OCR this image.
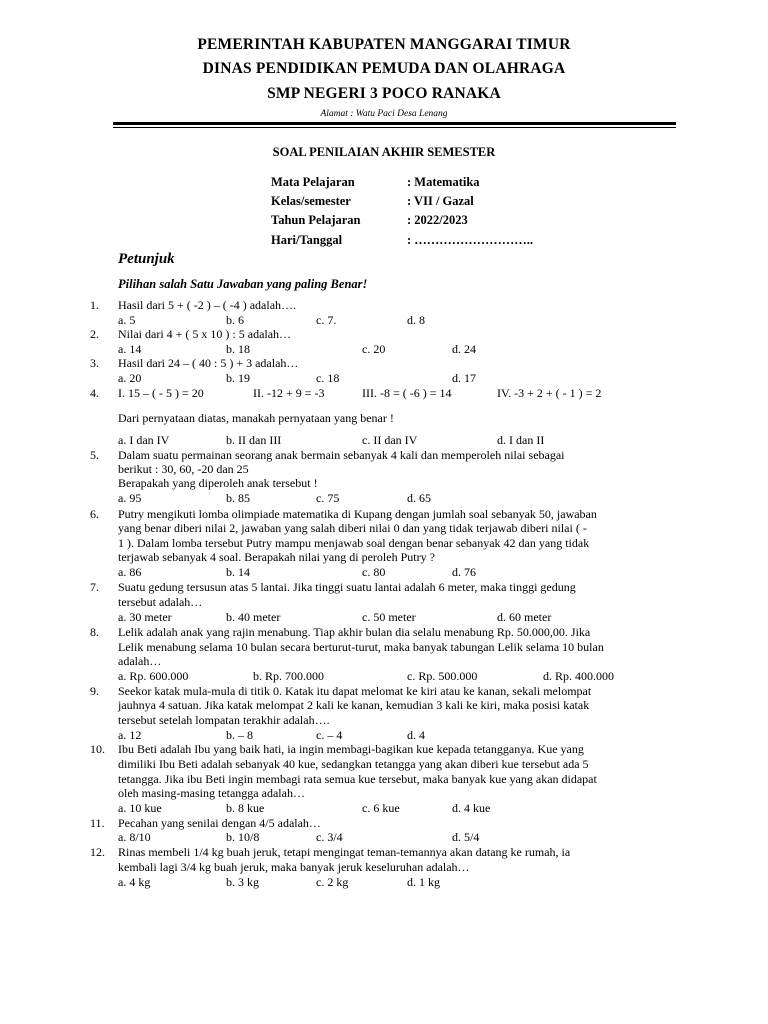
PEMERINTAH KABUPATEN MANGGARAI TIMUR
DINAS PENDIDIKAN PEMUDA DAN OLAHRAGA
SMP NEGERI 3 POCO RANAKA
Alamat : Watu Paci Desa Lenang
SOAL PENILAIAN AKHIR SEMESTER
Mata Pelajaran	: Matematika
Kelas/semester	: VII / Gazal
Tahun Pelajaran	: 2022/2023
Hari/Tanggal	: ………………………..
Petunjuk
Pilihan salah Satu Jawaban yang paling Benar!
1. Hasil dari 5 + ( -2 ) – ( -4 ) adalah….
a. 5	b. 6	c. 7.	d. 8
2. Nilai dari 4 + ( 5 x 10 ) : 5 adalah…
a. 14	b. 18	c. 20	d. 24
3. Hasil dari 24 – ( 40 : 5 ) + 3 adalah…
a. 20	b. 19	c. 18	d. 17
4. I. 15 – ( - 5 ) = 20	II. -12 + 9 = -3	III. -8 = ( -6 ) = 14	IV. -3 + 2 + ( - 1 ) = 2
Dari pernyataan diatas, manakah pernyataan yang benar !
a. I dan IV	b. II dan III	c. II dan IV	d. I dan II
5. Dalam suatu permainan seorang anak bermain sebanyak 4 kali dan memperoleh nilai sebagai
berikut : 30, 60, -20 dan 25
Berapakah yang diperoleh anak tersebut !
a. 95	b. 85	c. 75	d. 65
6. Putry mengikuti lomba olimpiade matematika di Kupang dengan jumlah soal sebanyak 50, jawaban
yang benar diberi nilai 2, jawaban yang salah diberi nilai 0 dan yang tidak terjawab diberi nilai ( -
1 ). Dalam lomba tersebut Putry mampu menjawab soal dengan benar sebanyak 42 dan yang tidak
terjawab sebanyak 4 soal. Berapakah nilai yang di peroleh Putry ?
a. 86	b. 14	c. 80	d. 76
7. Suatu gedung tersusun atas 5 lantai. Jika tinggi suatu lantai adalah 6 meter, maka tinggi gedung
tersebut adalah…
a. 30 meter	b. 40 meter	c. 50 meter	d. 60 meter
8. Lelik adalah anak yang rajin menabung. Tiap akhir bulan dia selalu menabung Rp. 50.000,00. Jika
Lelik menabung selama 10 bulan secara berturut-turut, maka banyak tabungan Lelik selama 10 bulan
adalah…
a. Rp. 600.000	b. Rp. 700.000	c. Rp. 500.000	d. Rp. 400.000
9. Seekor katak mula-mula di titik 0. Katak itu dapat melomat ke kiri atau ke kanan, sekali melompat
jauhnya 4 satuan. Jika katak melompat 2 kali ke kanan, kemudian 3 kali ke kiri, maka posisi katak
tersebut setelah lompatan terakhir adalah….
a. 12	b. – 8	c. – 4	d. 4
10. Ibu Beti adalah Ibu yang baik hati, ia ingin membagi-bagikan kue kepada tetangganya. Kue yang
dimiliki Ibu Beti adalah sebanyak 40 kue, sedangkan tetangga yang akan diberi kue tersebut ada 5
tetangga. Jika ibu Beti ingin membagi rata semua kue tersebut, maka banyak kue yang akan didapat
oleh masing-masing tetangga adalah…
a. 10 kue	b. 8 kue	c. 6 kue	d. 4 kue
11. Pecahan yang senilai dengan 4/5 adalah…
a. 8/10	b. 10/8	c. 3/4	d. 5/4
12. Rinas membeli 1/4 kg buah jeruk, tetapi mengingat teman-temannya akan datang ke rumah, ia
kembali lagi 3/4 kg buah jeruk, maka banyak jeruk keseluruhan adalah…
a. 4 kg	b. 3 kg	c. 2 kg	d. 1 kg
